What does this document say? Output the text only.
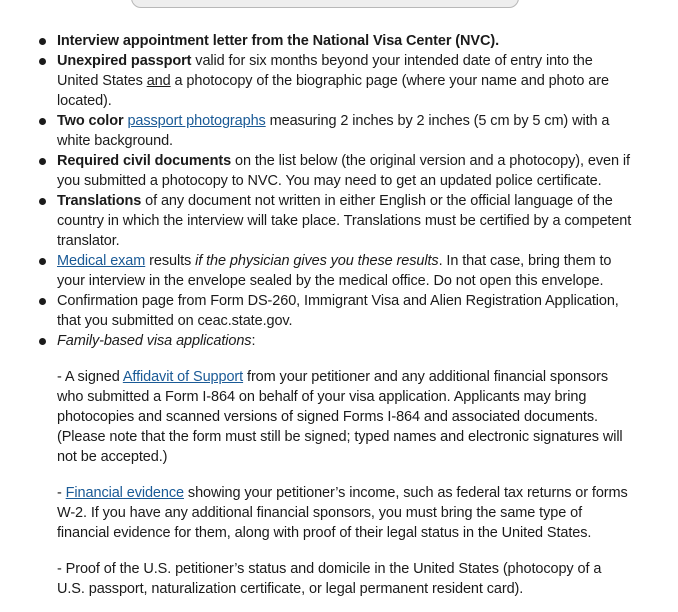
Interview appointment letter from the National Visa Center (NVC).
Unexpired passport valid for six months beyond your intended date of entry into the United States and a photocopy of the biographic page (where your name and photo are located).
Two color passport photographs measuring 2 inches by 2 inches (5 cm by 5 cm) with a white background.
Required civil documents on the list below (the original version and a photocopy), even if you submitted a photocopy to NVC. You may need to get an updated police certificate.
Translations of any document not written in either English or the official language of the country in which the interview will take place. Translations must be certified by a competent translator.
Medical exam results if the physician gives you these results. In that case, bring them to your interview in the envelope sealed by the medical office. Do not open this envelope.
Confirmation page from Form DS-260, Immigrant Visa and Alien Registration Application, that you submitted on ceac.state.gov.
Family-based visa applications:
- A signed Affidavit of Support from your petitioner and any additional financial sponsors who submitted a Form I-864 on behalf of your visa application. Applicants may bring photocopies and scanned versions of signed Forms I-864 and associated documents. (Please note that the form must still be signed; typed names and electronic signatures will not be accepted.)
- Financial evidence showing your petitioner’s income, such as federal tax returns or forms W-2. If you have any additional financial sponsors, you must bring the same type of financial evidence for them, along with proof of their legal status in the United States.
- Proof of the U.S. petitioner’s status and domicile in the United States (photocopy of a U.S. passport, naturalization certificate, or legal permanent resident card).
